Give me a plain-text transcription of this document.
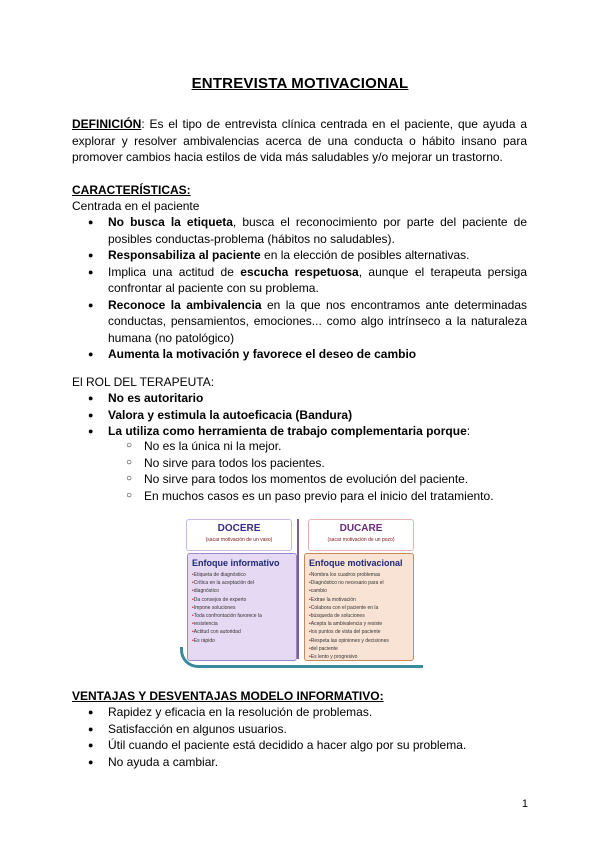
ENTREVISTA MOTIVACIONAL
DEFINICIÓN: Es el tipo de entrevista clínica centrada en el paciente, que ayuda a explorar y resolver ambivalencias acerca de una conducta o hábito insano para promover cambios hacia estilos de vida más saludables y/o mejorar un trastorno.
CARACTERÍSTICAS:
Centrada en el paciente
● No busca la etiqueta, busca el reconocimiento por parte del paciente de posibles conductas-problema (hábitos no saludables).
● Responsabiliza al paciente en la elección de posibles alternativas.
● Implica una actitud de escucha respetuosa, aunque el terapeuta persiga confrontar al paciente con su problema.
● Reconoce la ambivalencia en la que nos encontramos ante determinadas conductas, pensamientos, emociones... como algo intrínseco a la naturaleza humana (no patológico)
● Aumenta la motivación y favorece el deseo de cambio
El ROL DEL TERAPEUTA:
● No es autoritario
● Valora y estimula la autoeficacia (Bandura)
● La utiliza como herramienta de trabajo complementaria porque:
○ No es la única ni la mejor.
○ No sirve para todos los pacientes.
○ No sirve para todos los momentos de evolución del paciente.
○ En muchos casos es un paso previo para el inicio del tratamiento.
DOCERE
(sacar motivación de un vaso)
DUCARE
(sacar motivación de un pozo)
Enfoque informativo
• Etiqueta de diagnóstico
• Crítica en la aceptación del
• diagnóstico
• Da consejos de experto
• Impone soluciones
• Toda confrontación favorece la
• resistencia
• Actitud con autoridad
• Es rápido
Enfoque motivacional
• Nombra los cuadros problemas
• Diagnóstico no necesario para el
• cambio
• Extrae la motivación
• Colabora con el paciente en la
• búsqueda de soluciones
• Acepta la ambivalencia y resiste
• los puntos de vista del paciente
• Respeta las opiniones y decisiones
• del paciente
• Es lento y progresivo
VENTAJAS Y DESVENTAJAS MODELO INFORMATIVO:
● Rapidez y eficacia en la resolución de problemas.
● Satisfacción en algunos usuarios.
● Útil cuando el paciente está decidido a hacer algo por su problema.
● No ayuda a cambiar.
1
